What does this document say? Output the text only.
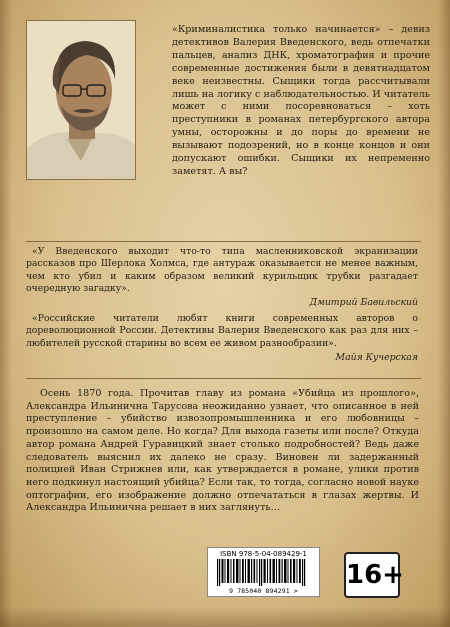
«Криминалистика только начинается» – девиз детективов Валерия Введенского, ведь отпечатки пальцев, анализ ДНК, хроматография и прочие современные достижения были в девятнадцатом веке неизвестны. Сыщики тогда рассчитывали лишь на логику с наблюдательностью. И читатель может с ними посоревноваться – хоть преступники в романах петербургского автора умны, осторожны и до поры до времени не вызывают подозрений, но в конце концов и они допускают ошибки. Сыщики их непременно заметят. А вы?
«У Введенского выходит что-то типа масленниковской экранизации рассказов про Шерлока Холмса, где антураж оказывается не менее важным, чем кто убил и каким образом великий курильщик трубки разгадает очередную загадку».
Дмитрий Бавильский
«Российские читатели любят книги современных авторов о дореволюционной России. Детективы Валерия Введенского как раз для них – любителей русской старины во всем ее живом разнообразии».
Майя Кучерская
Осень 1870 года. Прочитав главу из романа «Убийца из прошлого», Александра Ильинична Тарусова неожиданно узнает, что описанное в ней преступление – убийство извозопромышленника и его любовницы – произошло на самом деле. Но когда? Для выхода газеты или после? Откуда автор романа Андрей Гуравицкий знает столько подробностей? Ведь даже следователь выяснил их далеко не сразу. Виновен ли задержанный полицией Иван Стрижнев или, как утверждается в романе, улики против него подкинул настоящий убийца? Если так, то тогда, согласно новой науке оптографии, его изображение должно отпечататься в глазах жертвы. И Александра Ильинична решает в них заглянуть…
ISBN 978-5-04-089429-1
9 785040 894291 >
16+
